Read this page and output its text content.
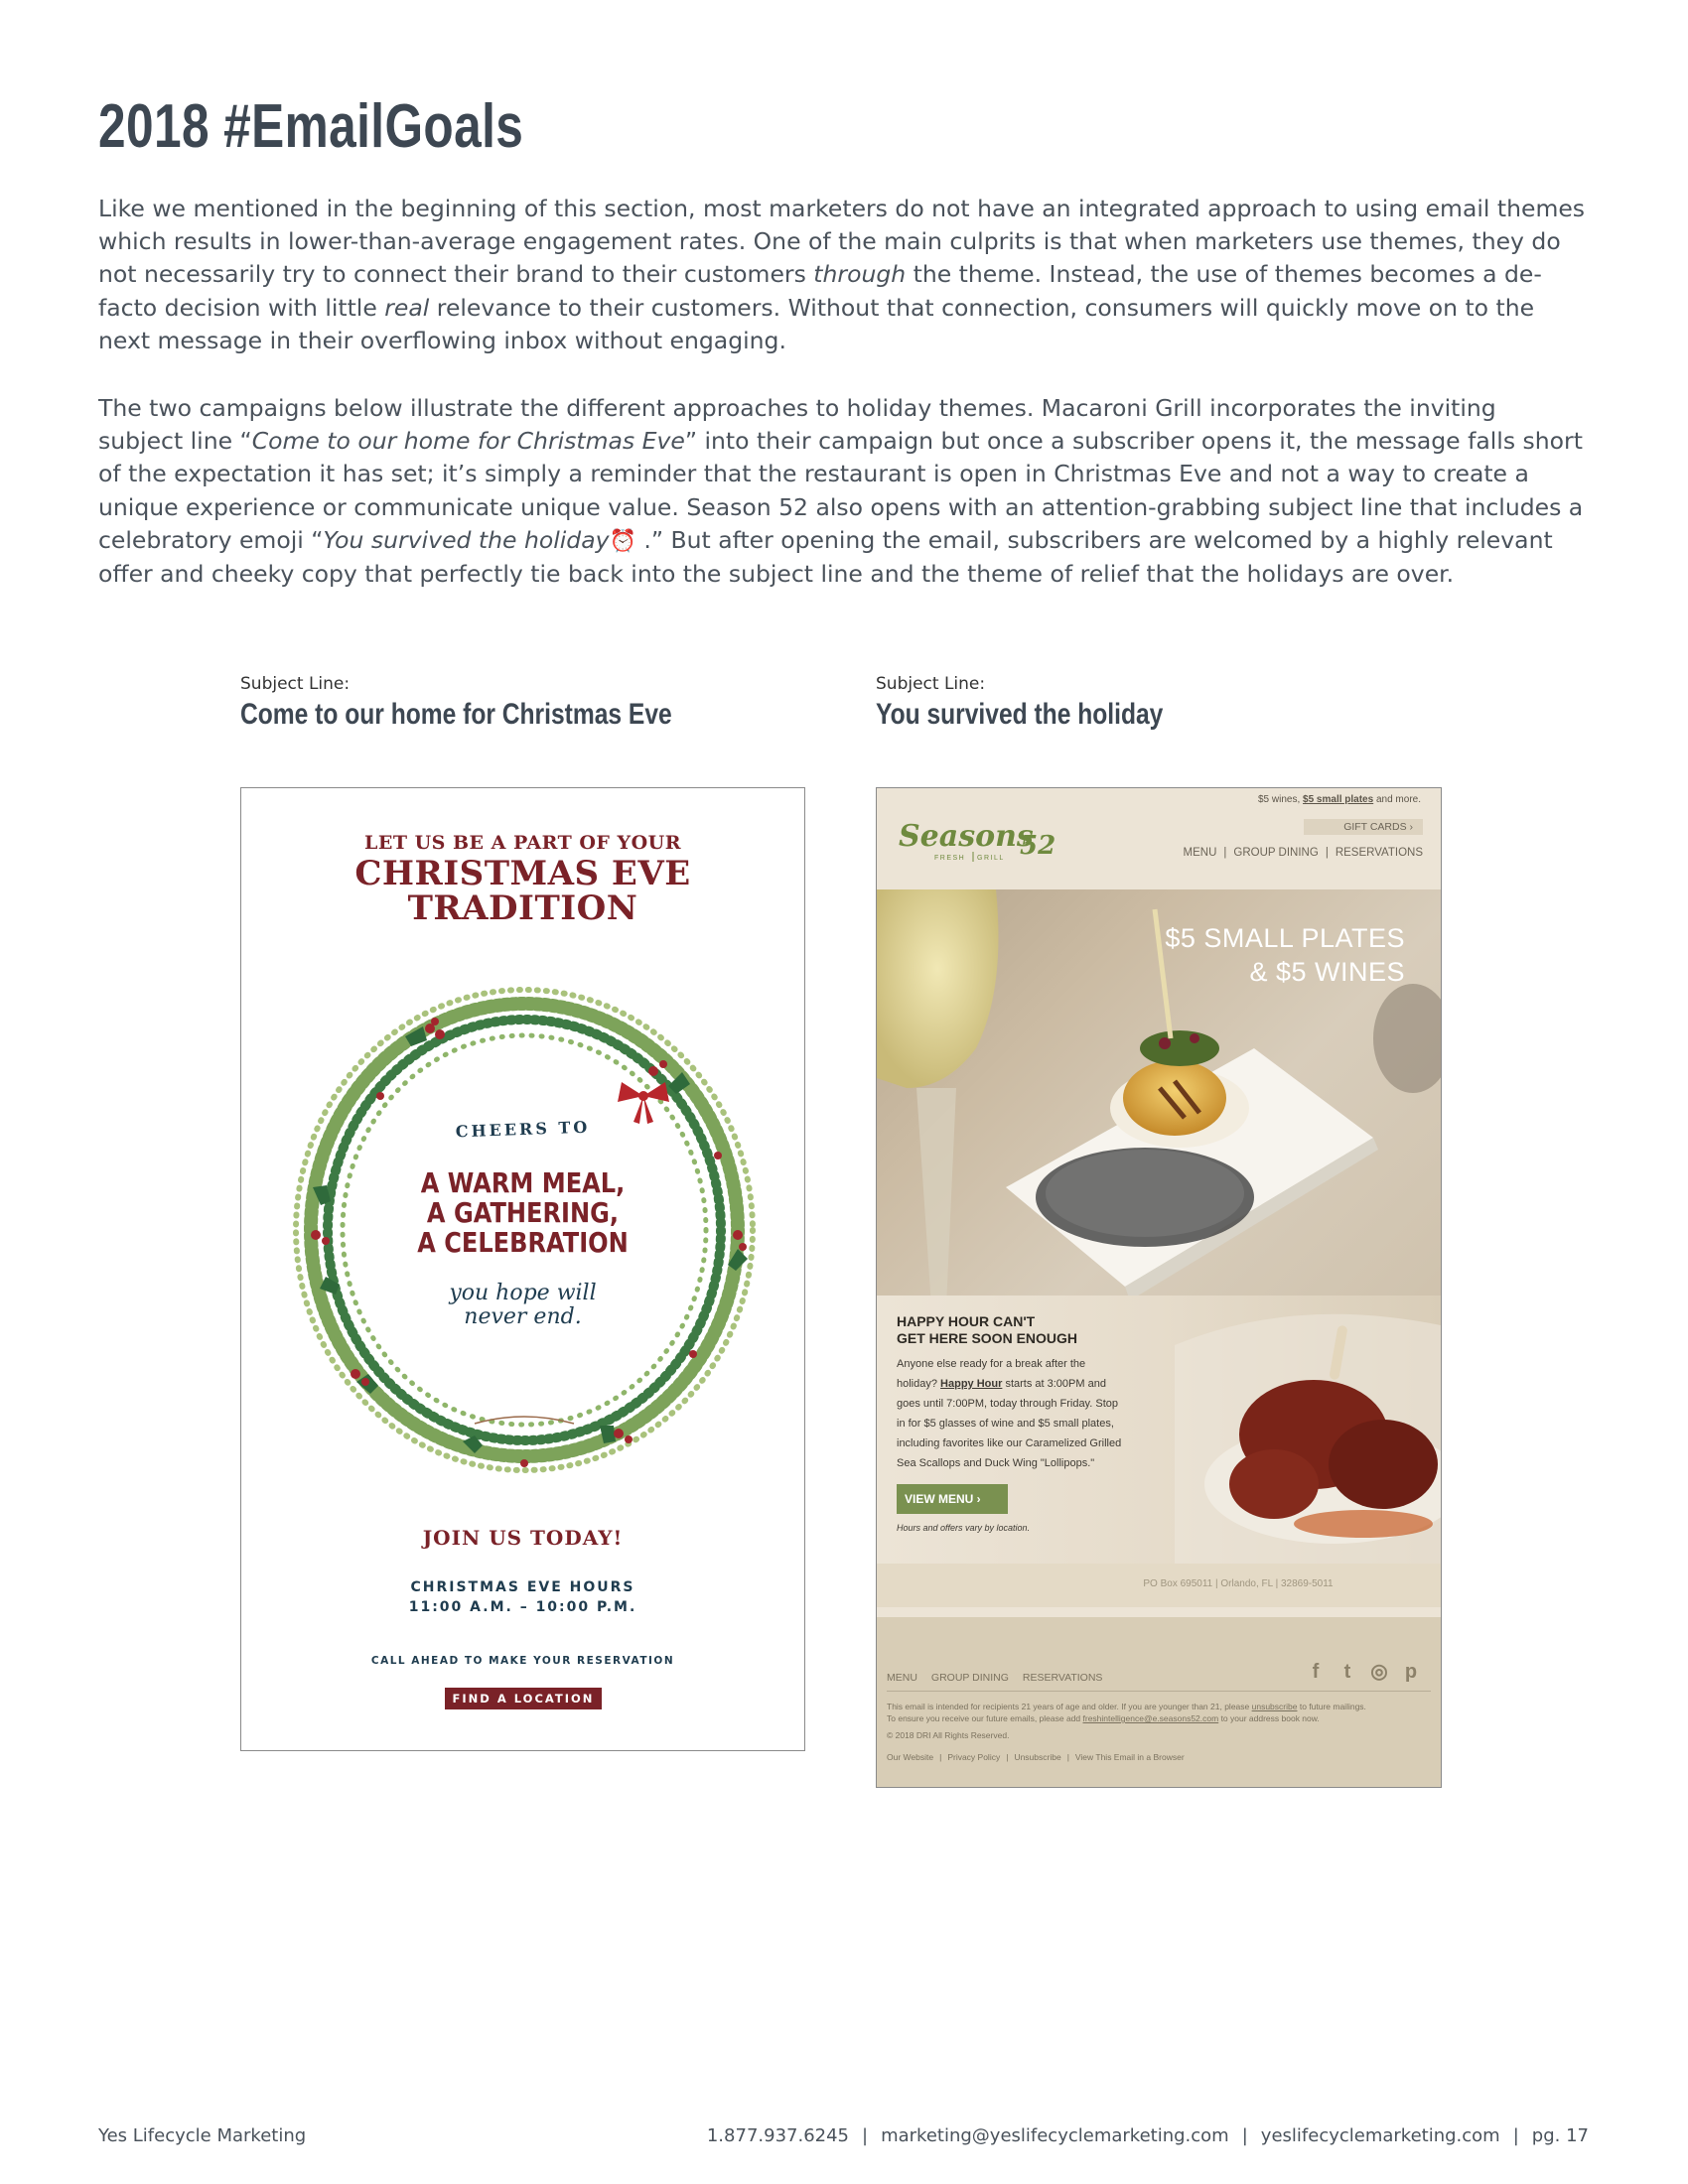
2018 #EmailGoals

Like we mentioned in the beginning of this section, most marketers do not have an integrated approach to using email themes which results in lower-than-average engagement rates. One of the main culprits is that when marketers use themes, they do not necessarily try to connect their brand to their customers through the theme. Instead, the use of themes becomes a de-facto decision with little real relevance to their customers. Without that connection, consumers will quickly move on to the next message in their overflowing inbox without engaging.

The two campaigns below illustrate the different approaches to holiday themes. Macaroni Grill incorporates the inviting subject line “Come to our home for Christmas Eve” into their campaign but once a subscriber opens it, the message falls short of the expectation it has set; it’s simply a reminder that the restaurant is open in Christmas Eve and not a way to create a unique experience or communicate unique value. Season 52 also opens with an attention-grabbing subject line that includes a celebratory emoji “You survived the holiday⏰ .” But after opening the email, subscribers are welcomed by a highly relevant offer and cheeky copy that perfectly tie back into the subject line and the theme of relief that the holidays are over.

Subject Line:
Come to our home for Christmas Eve
LET US BE A PART OF YOUR
CHRISTMAS EVE
TRADITION
CHEERS TO
A WARM MEAL,
A GATHERING,
A CELEBRATION
you hope will
never end.
JOIN US TODAY!
CHRISTMAS EVE HOURS
11:00 A.M. – 10:00 P.M.
CALL AHEAD TO MAKE YOUR RESERVATION
FIND A LOCATION
Subject Line:
You survived the holiday
$5 wines, $5 small plates and more.
GIFT CARDS ›
Seasons
52
FRESH GRILL	MENU | GROUP DINING | RESERVATIONS
$5 SMALL PLATES
& $5 WINES
HAPPY HOUR CAN'T
GET HERE SOON ENOUGH
Anyone else ready for a break after the
holiday? Happy Hour starts at 3:00PM and
goes until 7:00PM, today through Friday. Stop
in for $5 glasses of wine and $5 small plates,
including favorites like our Caramelized Grilled
Sea Scallops and Duck Wing "Lollipops."
VIEW MENU ›
Hours and offers vary by location.
PO Box 695011 | Orlando, FL | 32869-5011
MENU GROUP DINING RESERVATIONS	f	t ◎ p
This email is intended for recipients 21 years of age and older. If you are younger than 21, please unsubscribe to future mailings.
To ensure you receive our future emails, please add freshintelligence@e.seasons52.com to your address book now.
© 2018 DRI All Rights Reserved.
Our Website | Privacy Policy | Unsubscribe | View This Email in a Browser
Yes Lifecycle Marketing	1.877.937.6245 | marketing@yeslifecyclemarketing.com | yeslifecyclemarketing.com | pg. 17
